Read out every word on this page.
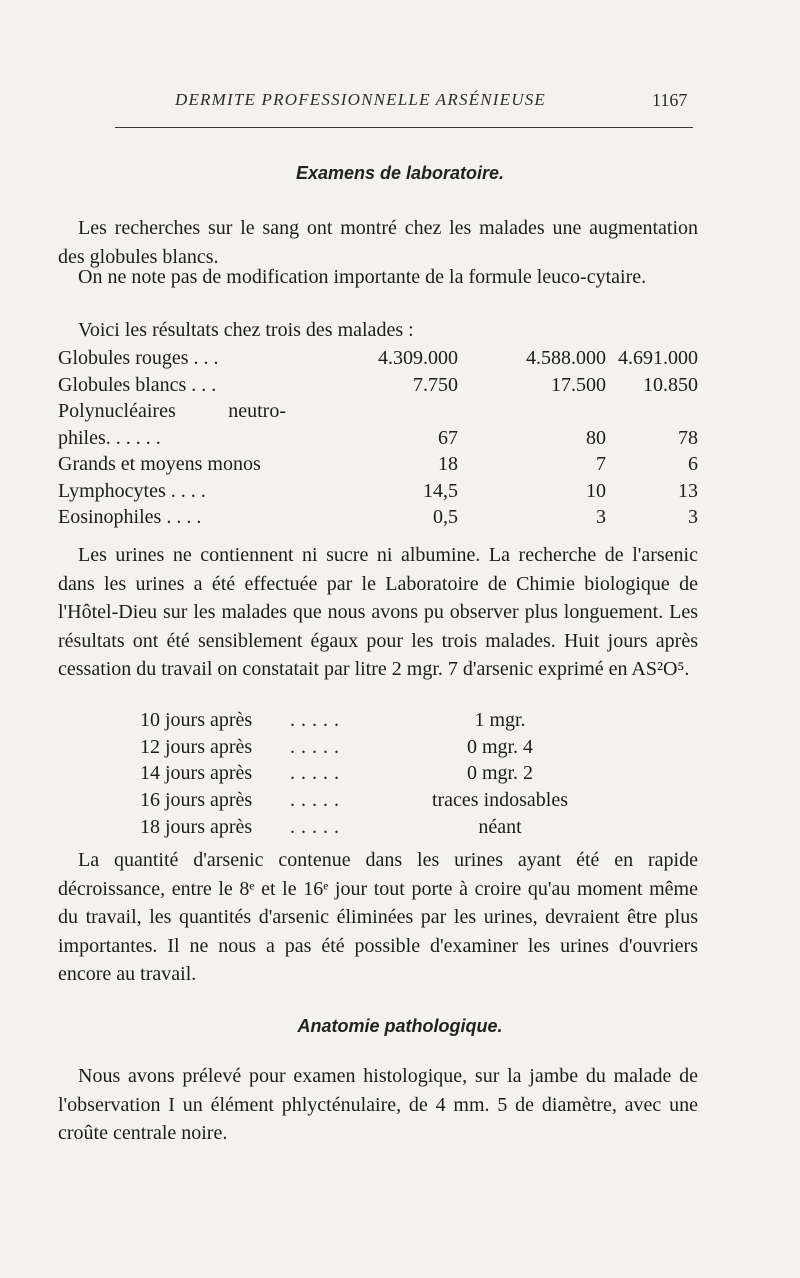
DERMITE PROFESSIONNELLE ARSÉNIEUSE	1167
Examens de laboratoire.

Les recherches sur le sang ont montré chez les malades une augmentation des globules blancs.

On ne note pas de modification importante de la formule leuco-cytaire.

Voici les résultats chez trois des malades :

Globules rouges . . .	4.309.000	4.588.000	4.691.000
Globules blancs . . .	7.750	17.500	10.850

Polynucléaires neutro-			

philes. . . . . .	67	80	78
Grands et moyens monos	18	7	6
Lymphocytes . . . .	14,5	10	13
Eosinophiles . . . .	0,5	3	3

Les urines ne contiennent ni sucre ni albumine. La recherche de l'arsenic dans les urines a été effectuée par le Laboratoire de Chimie biologique de l'Hôtel-Dieu sur les malades que nous avons pu observer plus longuement. Les résultats ont été sensiblement égaux pour les trois malades. Huit jours après cessation du travail on constatait par litre 2 mgr. 7 d'arsenic exprimé en AS²O⁵.

10 jours après	.....	1 mgr.
12 jours après	.....	0 mgr. 4
14 jours après	.....	0 mgr. 2
16 jours après	.....	traces indosables
18 jours après	.....	néant

La quantité d'arsenic contenue dans les urines ayant été en rapide décroissance, entre le 8ᵉ et le 16ᵉ jour tout porte à croire qu'au moment même du travail, les quantités d'arsenic éliminées par les urines, devraient être plus importantes. Il ne nous a pas été possible d'examiner les urines d'ouvriers encore au travail.

Anatomie pathologique.

Nous avons prélevé pour examen histologique, sur la jambe du malade de l'observation I un élément phlycténulaire, de 4 mm. 5 de diamètre, avec une croûte centrale noire.
